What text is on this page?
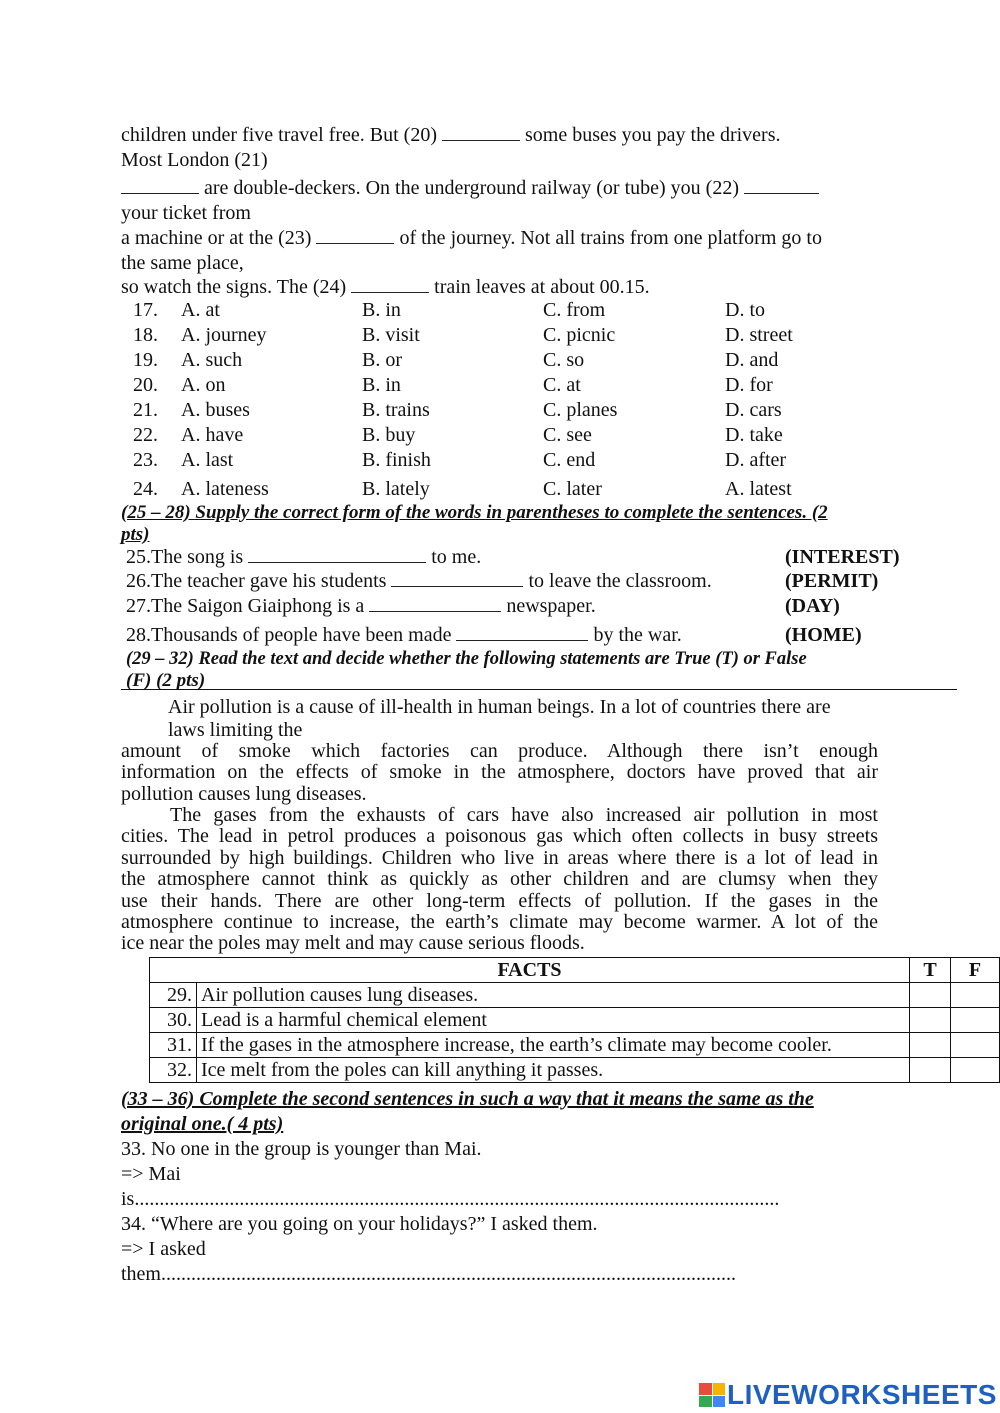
children under five travel free. But (20)	some buses you pay the drivers.
Most London (21)
are double-deckers. On the underground railway (or tube) you (22)
your ticket from
a machine or at the (23)	of the journey. Not all trains from one platform go to
the same place,
so watch the signs. The (24)	train leaves at about 00.15.
17. A. at	B. in	C. from	D. to
18. A. journey	B. visit	C. picnic	D. street
19. A. such	B. or	C. so	D. and
20. A. on	B. in	C. at	D. for
21. A. buses	B. trains	C. planes	D. cars
22. A. have	B. buy	C. see	D. take
23. A. last	B. finish	C. end	D. after
24. A. lateness	B. lately	C. later	A. latest
(25 – 28) Supply the correct form of the words in parentheses to complete the sentences. (2
pts)
25.The song is	to me.	(INTEREST)
26.The teacher gave his students	to leave the classroom.	(PERMIT)
27.The Saigon Giaiphong is a	newspaper.	(DAY)
28.Thousands of people have been made	by the war.	(HOME)
(29 – 32) Read the text and decide whether the following statements are True (T) or False
(F) (2 pts)
Air pollution is a cause of ill-health in human beings. In a lot of countries there are
laws limiting the
amount of smoke which factories can produce. Although there isn’t enough
information on the effects of smoke in the atmosphere, doctors have proved that air
pollution causes lung diseases.
The gases from the exhausts of cars have also increased air pollution in most
cities. The lead in petrol produces a poisonous gas which often collects in busy streets
surrounded by high buildings. Children who live in areas where there is a lot of lead in
the atmosphere cannot think as quickly as other children and are clumsy when they
use their hands. There are other long-term effects of pollution. If the gases in the
atmosphere continue to increase, the earth’s climate may become warmer. A lot of the
ice near the poles may melt and may cause serious floods.
FACTS		T	F
29.	Air pollution causes lung diseases.		
30.	Lead is a harmful chemical element		
31.	If the gases in the atmosphere increase, the earth’s climate may become cooler.		
32.	Ice melt from the poles can kill anything it passes.		
(33 – 36) Complete the second sentences in such a way that it means the same as the
original one.( 4 pts)
33. No one in the group is younger than Mai.
=> Mai
is.................................................................................................................................
34. “Where are you going on your holidays?” I asked them.
=> I asked
them...................................................................................................................
LIVEWORKSHEETS
